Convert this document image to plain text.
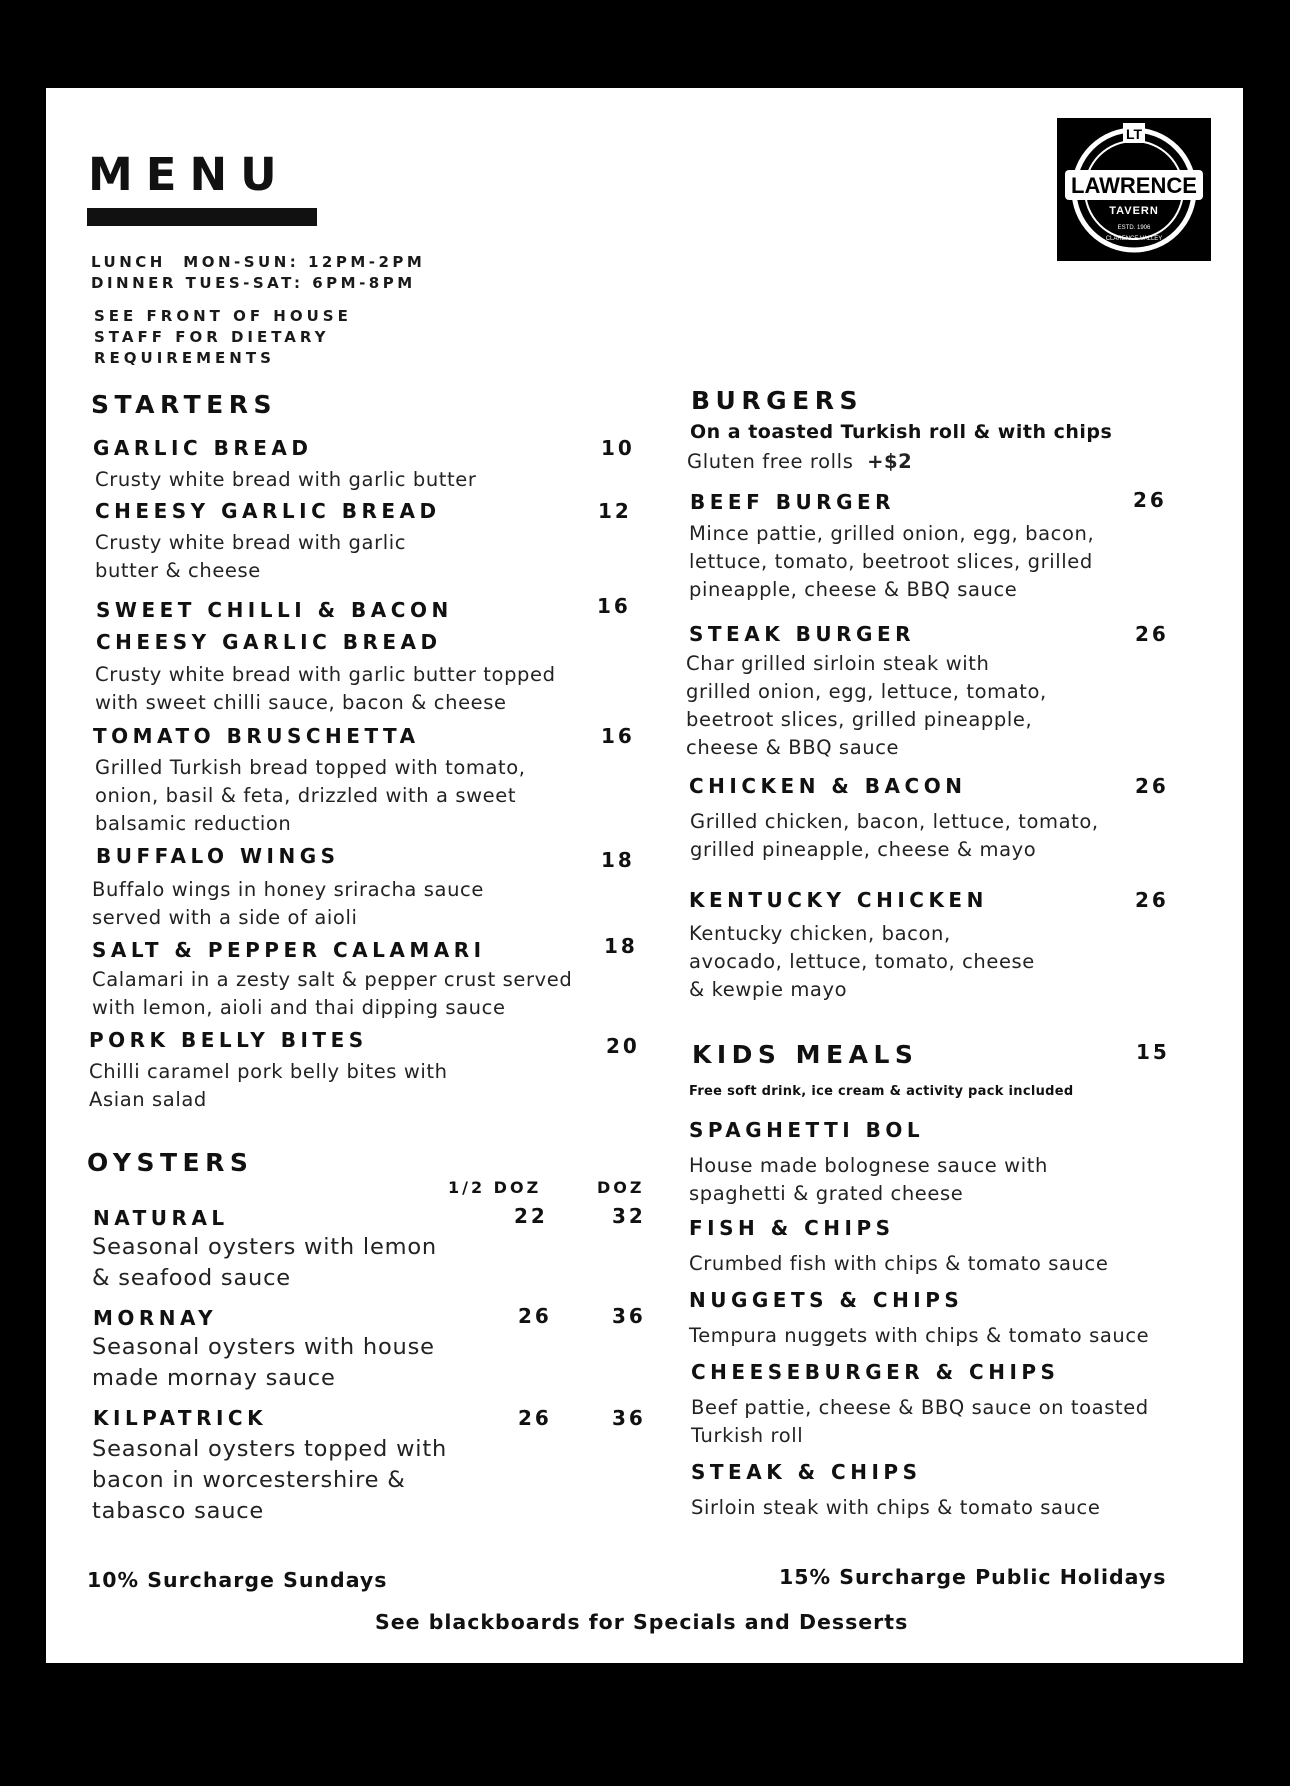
MENU
LUNCH  MON-SUN: 12PM-2PM
DINNER TUES-SAT: 6PM-8PM
SEE FRONT OF HOUSE
STAFF FOR DIETARY
REQUIREMENTS
LT
LAWRENCE
TAVERN
ESTD. 1906
CLARENCE VALLEY
STARTERS
GARLIC BREAD	10
Crusty white bread with garlic butter
CHEESY GARLIC BREAD	12
Crusty white bread with garlic
butter & cheese
SWEET CHILLI & BACON
CHEESY GARLIC BREAD
16
Crusty white bread with garlic butter topped
with sweet chilli sauce, bacon & cheese
TOMATO BRUSCHETTA	16
Grilled Turkish bread topped with tomato,
onion, basil & feta, drizzled with a sweet
balsamic reduction
BUFFALO WINGS	18
Buffalo wings in honey sriracha sauce
served with a side of aioli
SALT & PEPPER CALAMARI	18
Calamari in a zesty salt & pepper crust served
with lemon, aioli and thai dipping sauce
PORK BELLY BITES	20
Chilli caramel pork belly bites with
Asian salad
OYSTERS
1/2 DOZ	DOZ
NATURAL	22	32
Seasonal oysters with lemon
& seafood sauce
MORNAY	26	36
Seasonal oysters with house
made mornay sauce
KILPATRICK	26	36
Seasonal oysters topped with
bacon in worcestershire &
tabasco sauce
BURGERS
On a toasted Turkish roll & with chips
Gluten free rolls +$2
BEEF BURGER	26
Mince pattie, grilled onion, egg, bacon,
lettuce, tomato, beetroot slices, grilled
pineapple, cheese & BBQ sauce
STEAK BURGER	26
Char grilled sirloin steak with
grilled onion, egg, lettuce, tomato,
beetroot slices, grilled pineapple,
cheese & BBQ sauce
CHICKEN & BACON	26
Grilled chicken, bacon, lettuce, tomato,
grilled pineapple, cheese & mayo
KENTUCKY CHICKEN	26
Kentucky chicken, bacon,
avocado, lettuce, tomato, cheese
& kewpie mayo
KIDS MEALS	15
Free soft drink, ice cream & activity pack included
SPAGHETTI BOL
House made bolognese sauce with
spaghetti & grated cheese
FISH & CHIPS
Crumbed fish with chips & tomato sauce
NUGGETS & CHIPS
Tempura nuggets with chips & tomato sauce
CHEESEBURGER & CHIPS
Beef pattie, cheese & BBQ sauce on toasted
Turkish roll
STEAK & CHIPS
Sirloin steak with chips & tomato sauce
10% Surcharge Sundays	15% Surcharge Public Holidays
See blackboards for Specials and Desserts
